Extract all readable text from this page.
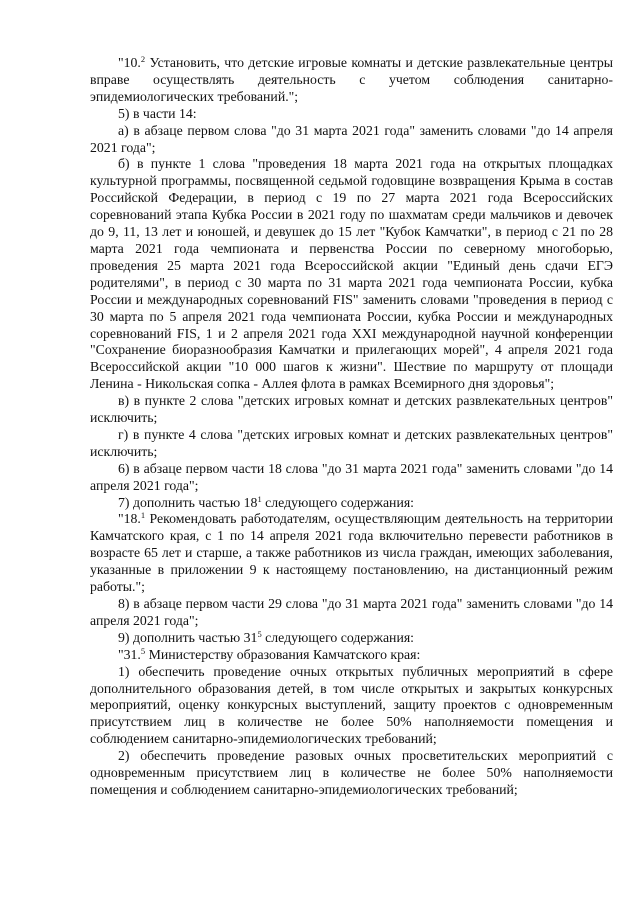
"10.$^2$ Установить, что детские игровые комнаты и детские развлекательные центры вправе осуществлять деятельность с учетом соблюдения санитарно-эпидемиологических требований.";

5) в части 14:

а) в абзаце первом слова "до 31 марта 2021 года" заменить словами "до 14 апреля 2021 года";

б) в пункте 1 слова "проведения 18 марта 2021 года на открытых площадках культурной программы, посвященной седьмой годовщине возвращения Крыма в состав Российской Федерации, в период с 19 по 27 марта 2021 года Всероссийских соревнований этапа Кубка России в 2021 году по шахматам среди мальчиков и девочек до 9, 11, 13 лет и юношей, и девушек до 15 лет "Кубок Камчатки", в период с 21 по 28 марта 2021 года чемпионата и первенства России по северному многоборью, проведения 25 марта 2021 года Всероссийской акции "Единый день сдачи ЕГЭ родителями", в период с 30 марта по 31 марта 2021 года чемпионата России, кубка России и международных соревнований FIS" заменить словами "проведения в период с 30 марта по 5 апреля 2021 года чемпионата России, кубка России и международных соревнований FIS, 1 и 2 апреля 2021 года XXI международной научной конференции "Сохранение биоразнообразия Камчатки и прилегающих морей", 4 апреля 2021 года Всероссийской акции "10 000 шагов к жизни". Шествие по маршруту от площади Ленина - Никольская сопка - Аллея флота в рамках Всемирного дня здоровья";

в) в пункте 2 слова "детских игровых комнат и детских развлекательных центров" исключить;

г) в пункте 4 слова "детских игровых комнат и детских развлекательных центров" исключить;

6) в абзаце первом части 18 слова "до 31 марта 2021 года" заменить словами "до 14 апреля 2021 года";

7) дополнить частью $18^1$ следующего содержания:

"18.$^1$ Рекомендовать работодателям, осуществляющим деятельность на территории Камчатского края, с 1 по 14 апреля 2021 года включительно перевести работников в возрасте 65 лет и старше, а также работников из числа граждан, имеющих заболевания, указанные в приложении 9 к настоящему постановлению, на дистанционный режим работы.";

8) в абзаце первом части 29 слова "до 31 марта 2021 года" заменить словами "до 14 апреля 2021 года";

9) дополнить частью $31^5$ следующего содержания:

"31.$^5$ Министерству образования Камчатского края:

1) обеспечить проведение очных открытых публичных мероприятий в сфере дополнительного образования детей, в том числе открытых и закрытых конкурсных мероприятий, оценку конкурсных выступлений, защиту проектов с одновременным присутствием лиц в количестве не более 50% наполняемости помещения и соблюдением санитарно-эпидемиологических требований;

2) обеспечить проведение разовых очных просветительских мероприятий с одновременным присутствием лиц в количестве не более 50% наполняемости помещения и соблюдением санитарно-эпидемиологических требований;
